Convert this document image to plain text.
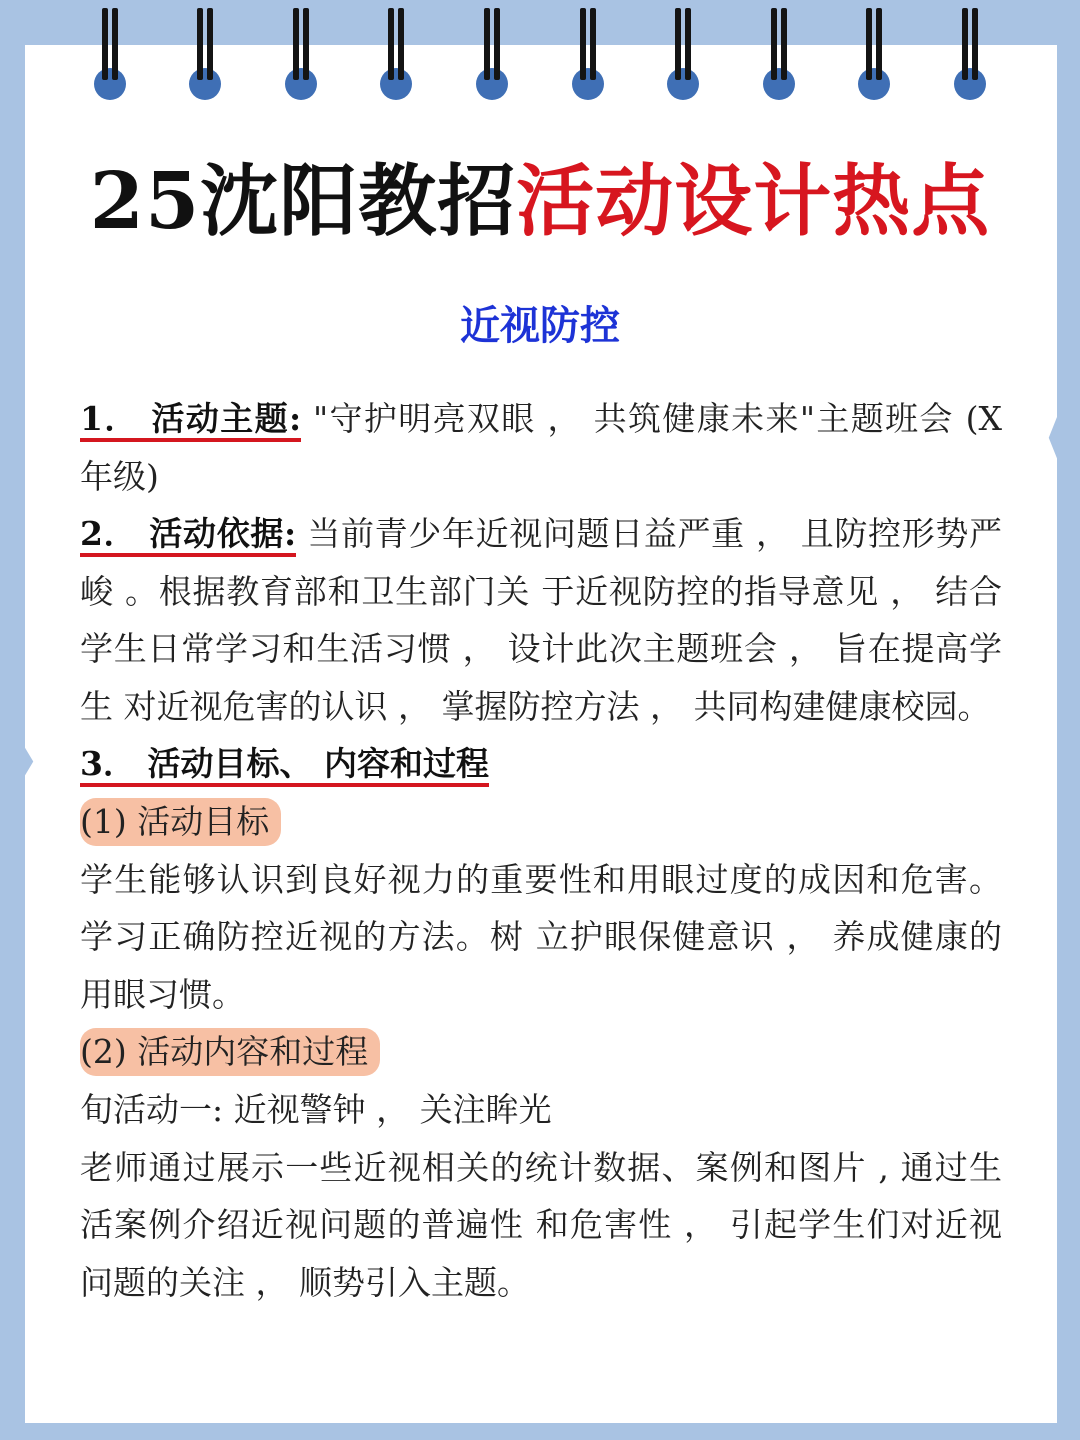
25沈阳教招活动设计热点
近视防控

1． 活动主题: "守护明亮双眼 ， 共筑健康未来"主题班会 (X 年级)

2． 活动依据: 当前青少年近视问题日益严重 ， 且防控形势严峻 。根据教育部和卫生部门关 于近视防控的指导意见 ， 结合学生日常学习和生活习惯 ， 设计此次主题班会 ， 旨在提高学生 对近视危害的认识 ， 掌握防控方法 ， 共同构建健康校园。

3． 活动目标、 内容和过程

(1) 活动目标

学生能够认识到良好视力的重要性和用眼过度的成因和危害。学习正确防控近视的方法。树 立护眼保健意识 ， 养成健康的用眼习惯。

(2) 活动内容和过程

旬活动一: 近视警钟 ， 关注眸光

老师通过展示一些近视相关的统计数据、案例和图片 , 通过生活案例介绍近视问题的普遍性 和危害性 ， 引起学生们对近视问题的关注 ， 顺势引入主题。
